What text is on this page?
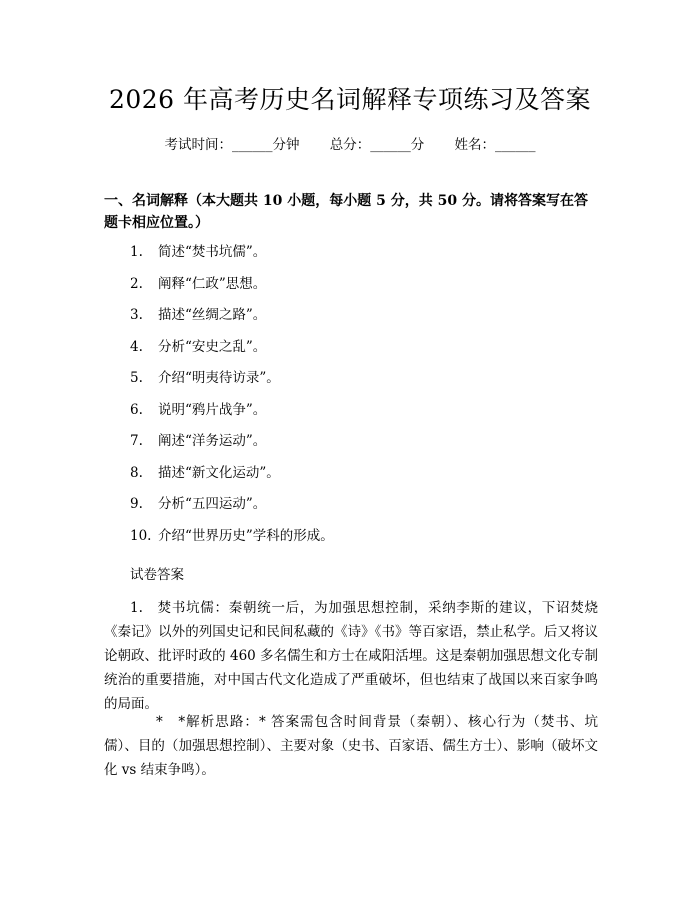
2026 年高考历史名词解释专项练习及答案
考试时间：______分钟 总分：______分 姓名：______
一、名词解释（本大题共 10 小题，每小题 5 分，共 50 分。请将答案写在答题卡相应位置。）
1. 简述“焚书坑儒”。
2. 阐释“仁政”思想。
3. 描述“丝绸之路”。
4. 分析“安史之乱”。
5. 介绍“明夷待访录”。
6. 说明“鸦片战争”。
7. 阐述“洋务运动”。
8. 描述“新文化运动”。
9. 分析“五四运动”。
10. 介绍“世界历史”学科的形成。
试卷答案

1. 焚书坑儒：秦朝统一后，为加强思想控制，采纳李斯的建议，下诏焚烧《秦记》以外的列国史记和民间私藏的《诗》《书》等百家语，禁止私学。后又将议论朝政、批评时政的 460 多名儒生和方士在咸阳活埋。这是秦朝加强思想文化专制统治的重要措施，对中国古代文化造成了严重破坏，但也结束了战国以来百家争鸣的局面。

*　*解析思路：* 答案需包含时间背景（秦朝）、核心行为（焚书、坑儒）、目的（加强思想控制）、主要对象（史书、百家语、儒生方士）、影响（破坏文化 vs 结束争鸣）。
